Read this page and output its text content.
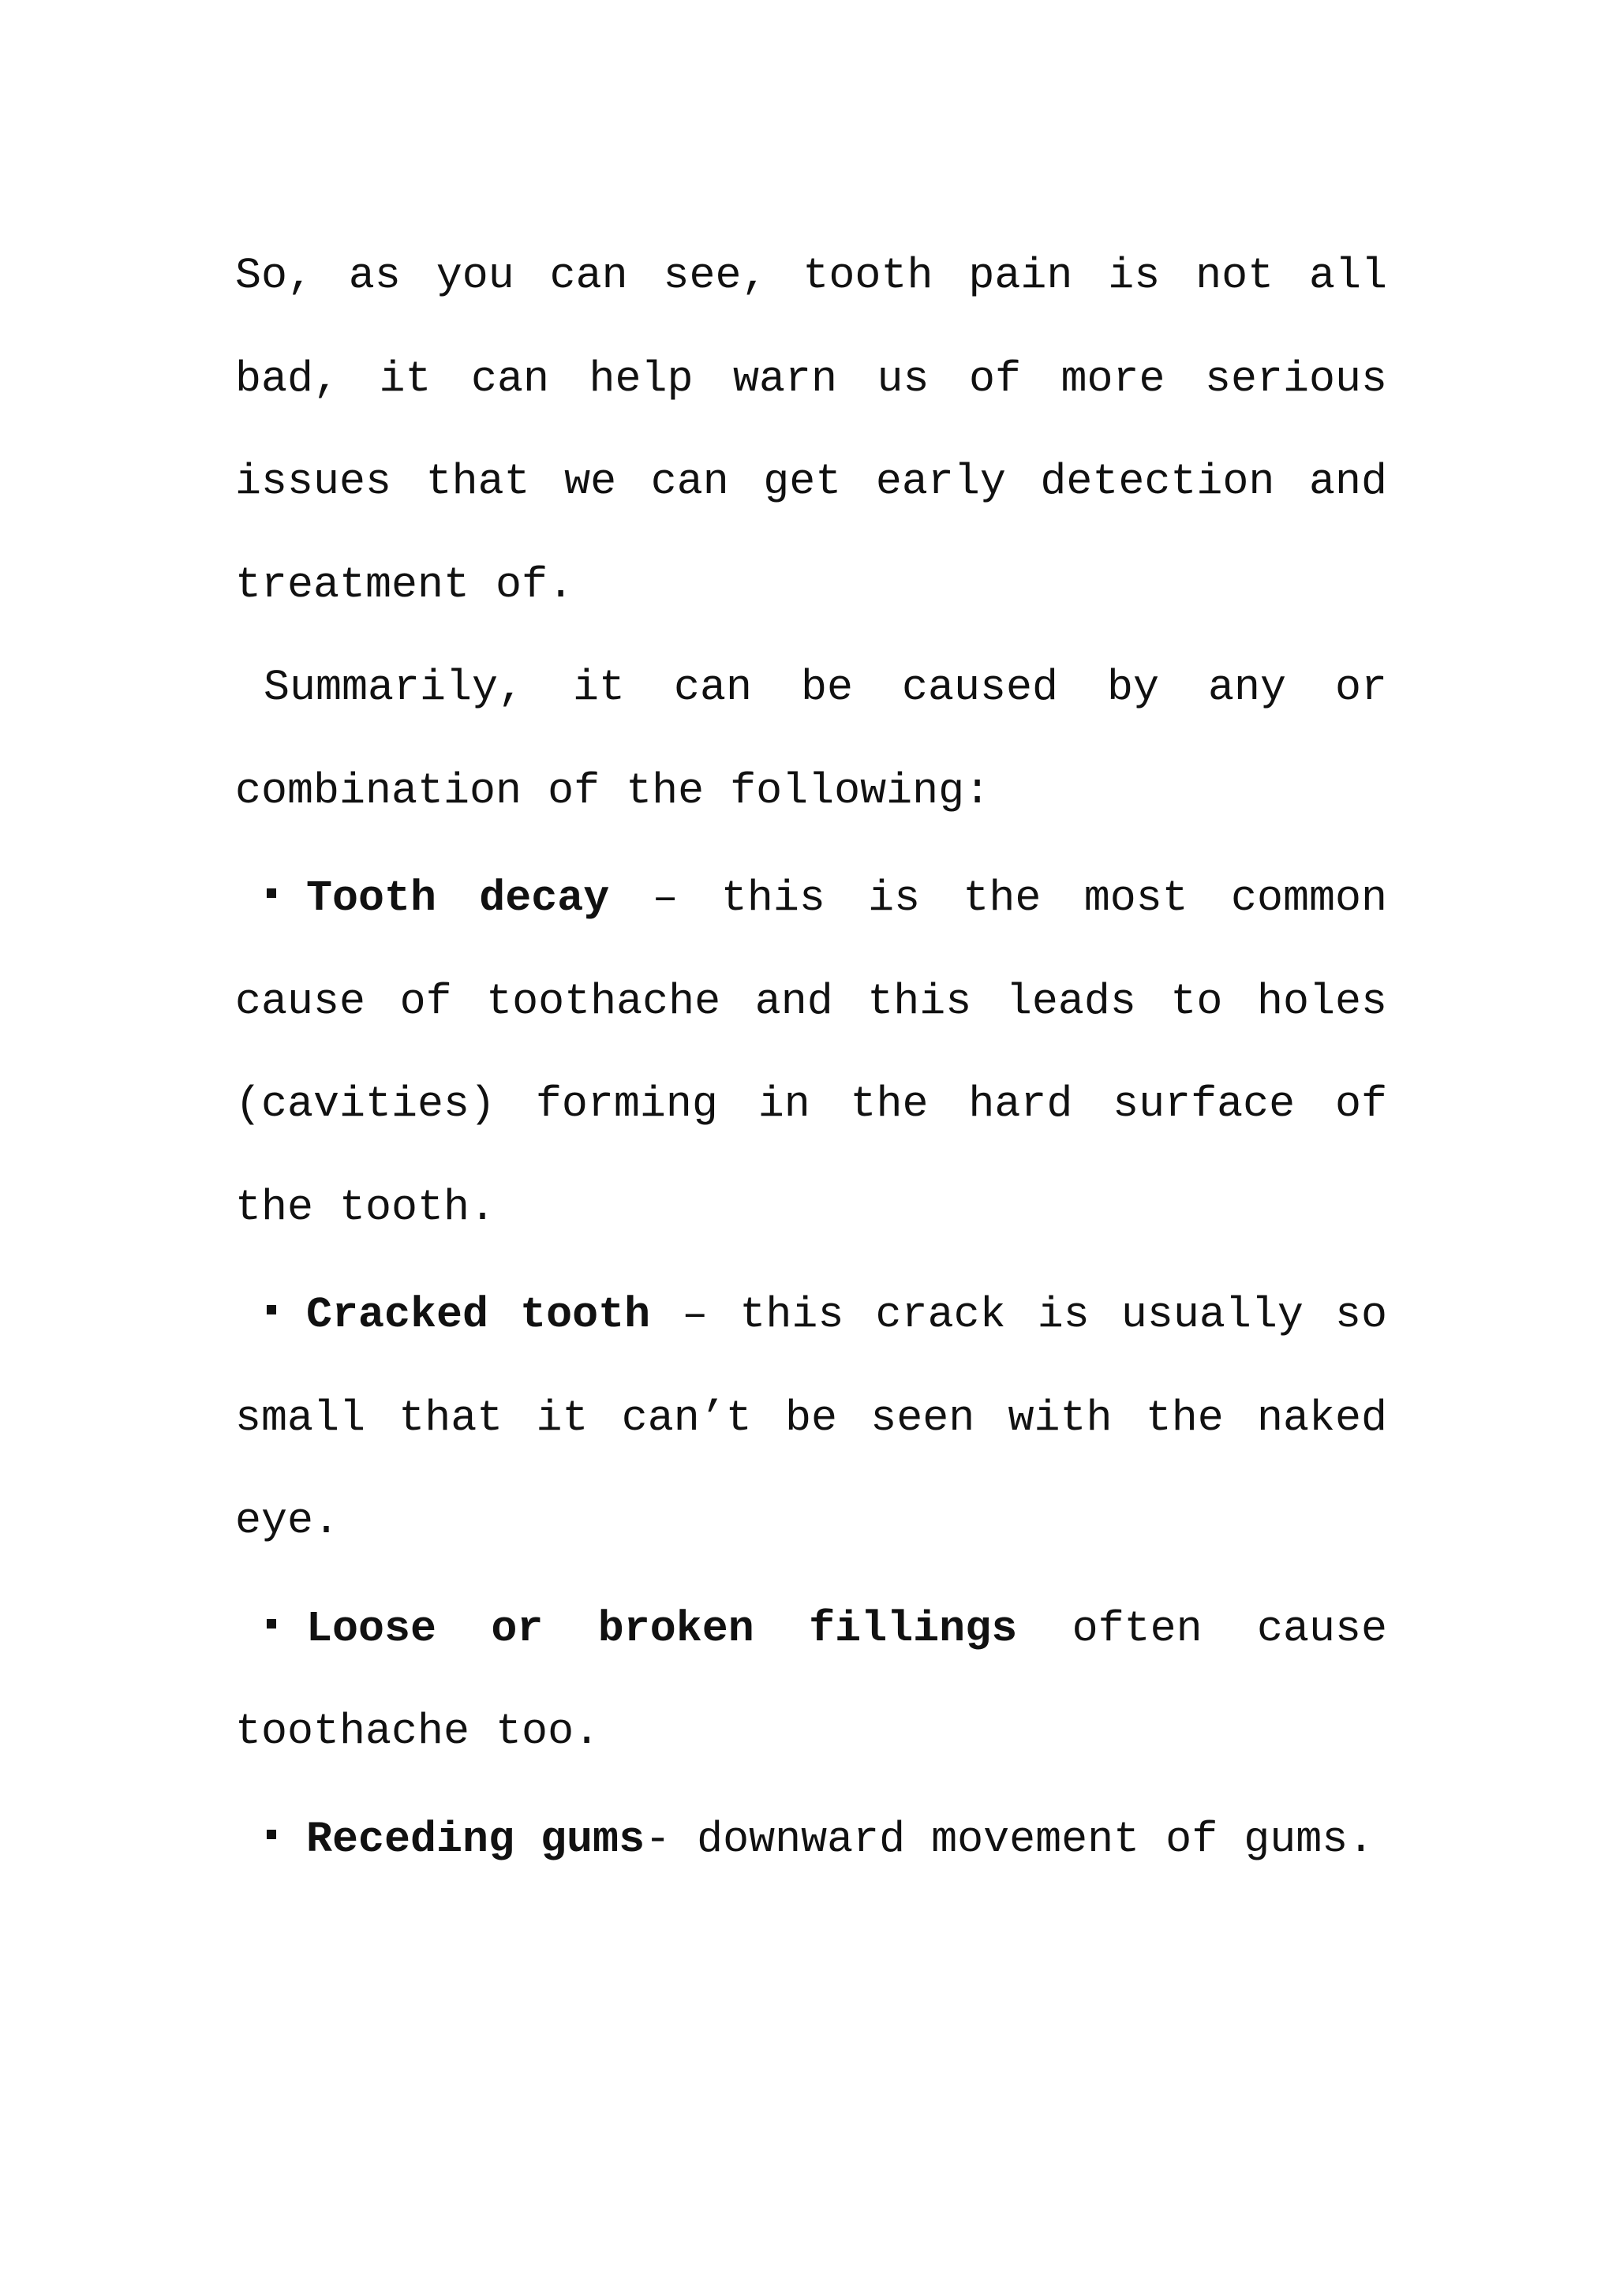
So, as you can see, tooth pain is not all bad, it can help warn us of more serious issues that we can get early detection and treatment of.

Summarily, it can be caused by any or combination of the following:

Tooth decay – this is the most common cause of toothache and this leads to holes (cavities) forming in the hard surface of the tooth.

Cracked tooth – this crack is usually so small that it can’t be seen with the naked eye.

Loose or broken fillings often cause toothache too.

Receding gums- downward movement of gums.
